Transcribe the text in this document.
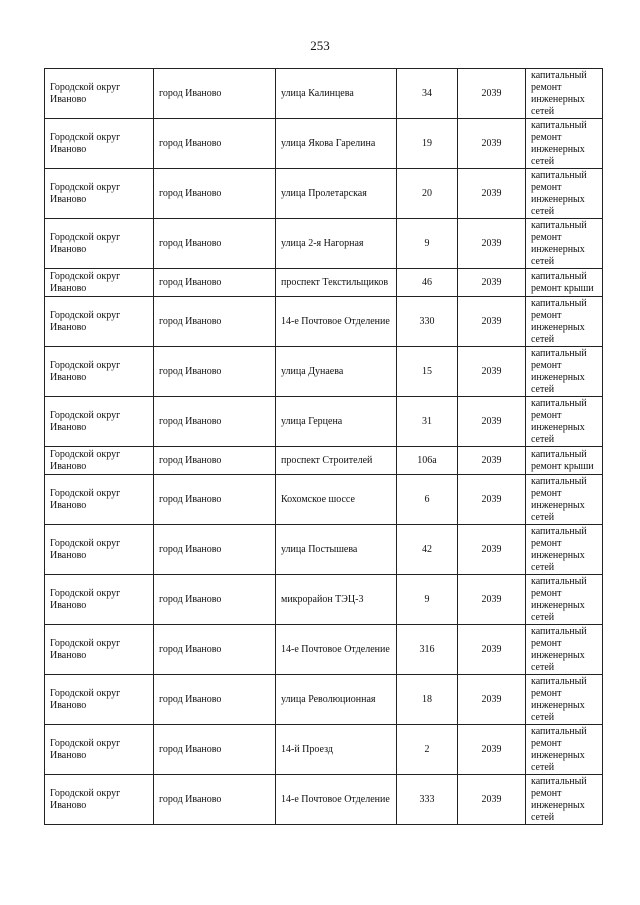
253
Городской округ Иваново	город Иваново	улица Калинцева	34	2039	капитальный ремонт инженерных сетей
Городской округ Иваново	город Иваново	улица Якова Гарелина	19	2039	капитальный ремонт инженерных сетей
Городской округ Иваново	город Иваново	улица Пролетарская	20	2039	капитальный ремонт инженерных сетей
Городской округ Иваново	город Иваново	улица 2-я Нагорная	9	2039	капитальный ремонт инженерных сетей
Городской округ Иваново	город Иваново	проспект Текстильщиков	46	2039	капитальный ремонт крыши
Городской округ Иваново	город Иваново	14-е Почтовое Отделение	330	2039	капитальный ремонт инженерных сетей
Городской округ Иваново	город Иваново	улица Дунаева	15	2039	капитальный ремонт инженерных сетей
Городской округ Иваново	город Иваново	улица Герцена	31	2039	капитальный ремонт инженерных сетей
Городской округ Иваново	город Иваново	проспект Строителей	106а	2039	капитальный ремонт крыши
Городской округ Иваново	город Иваново	Кохомское шоссе	6	2039	капитальный ремонт инженерных сетей
Городской округ Иваново	город Иваново	улица Постышева	42	2039	капитальный ремонт инженерных сетей
Городской округ Иваново	город Иваново	микрорайон ТЭЦ-3	9	2039	капитальный ремонт инженерных сетей
Городской округ Иваново	город Иваново	14-е Почтовое Отделение	316	2039	капитальный ремонт инженерных сетей
Городской округ Иваново	город Иваново	улица Революционная	18	2039	капитальный ремонт инженерных сетей
Городской округ Иваново	город Иваново	14-й Проезд	2	2039	капитальный ремонт инженерных сетей
Городской округ Иваново	город Иваново	14-е Почтовое Отделение	333	2039	капитальный ремонт инженерных сетей
